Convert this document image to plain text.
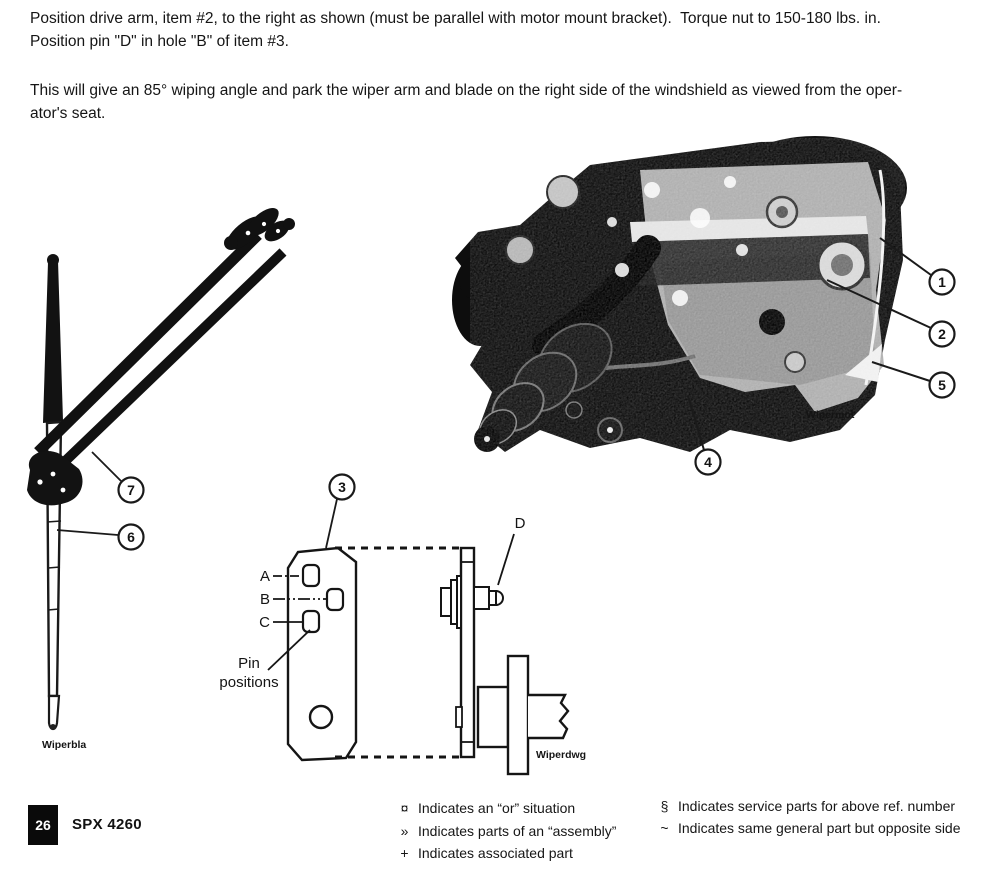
Position drive arm, item #2, to the right as shown (must be parallel with motor mount bracket).  Torque nut to 150-180 lbs. in.
Position pin "D" in hole "B" of item #3.
This will give an 85° wiping angle and park the wiper arm and blade on the right side of the windshield as viewed from the oper-
ator's seat.
Wipermot
1
2
5
4
7
6
Wiperbla
3
A
B
C
Pin
positions
D
Wiperdwg
26 SPX 4260
¤ Indicates an “or” situation
» Indicates parts of an “assembly”
+ Indicates associated part
§ Indicates service parts for above ref. number
~ Indicates same general part but opposite side
